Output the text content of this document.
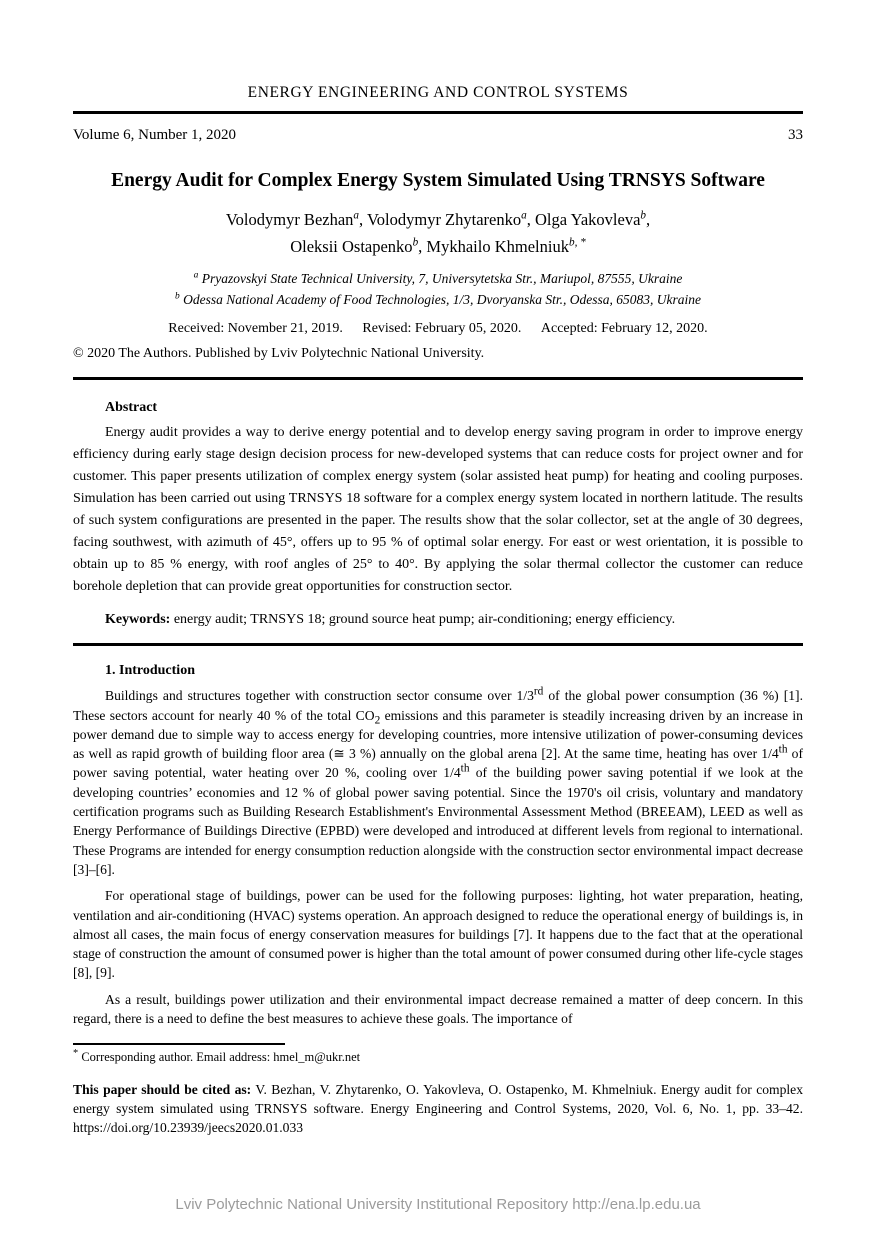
ENERGY ENGINEERING AND CONTROL SYSTEMS
Volume 6, Number 1, 2020	33
Energy Audit for Complex Energy System Simulated Using TRNSYS Software
Volodymyr Bezhan$^a$, Volodymyr Zhytarenko$^a$, Olga Yakovleva$^b$,
Oleksii Ostapenko$^b$, Mykhailo Khmelniuk$^{b, *}$
$^a$ Pryazovskyi State Technical University, 7, Universytetska Str., Mariupol, 87555, Ukraine
$^b$ Odessa National Academy of Food Technologies, 1/3, Dvoryanska Str., Odessa, 65083, Ukraine
Received: November 21, 2019. Revised: February 05, 2020. Accepted: February 12, 2020.
© 2020 The Authors. Published by Lviv Polytechnic National University.
Abstract

Energy audit provides a way to derive energy potential and to develop energy saving program in order to improve energy efficiency during early stage design decision process for new-developed systems that can reduce costs for project owner and for customer. This paper presents utilization of complex energy system (solar assisted heat pump) for heating and cooling purposes. Simulation has been carried out using TRNSYS 18 software for a complex energy system located in northern latitude. The results of such system configurations are presented in the paper. The results show that the solar collector, set at the angle of 30 degrees, facing southwest, with azimuth of 45°, offers up to 95 % of optimal solar energy. For east or west orientation, it is possible to obtain up to 85 % energy, with roof angles of 25° to 40°. By applying the solar thermal collector the customer can reduce borehole depletion that can provide great opportunities for construction sector.

Keywords: energy audit; TRNSYS 18; ground source heat pump; air-conditioning; energy efficiency.

1. Introduction

Buildings and structures together with construction sector consume over 1/3rd of the global power consumption (36 %) [1]. These sectors account for nearly 40 % of the total $CO_2$ emissions and this parameter is steadily increasing driven by an increase in power demand due to simple way to access energy for developing countries, more intensive utilization of power-consuming devices as well as rapid growth of building floor area (≅ 3 %) annually on the global arena [2]. At the same time, heating has over 1/4th of power saving potential, water heating over 20 %, cooling over 1/4th of the building power saving potential if we look at the developing countries’ economies and 12 % of global power saving potential. Since the 1970's oil crisis, voluntary and mandatory certification programs such as Building Research Establishment's Environmental Assessment Method (BREEAM), LEED as well as Energy Performance of Buildings Directive (EPBD) were developed and introduced at different levels from regional to international. These Programs are intended for energy consumption reduction alongside with the construction sector environmental impact decrease [3]–[6].

For operational stage of buildings, power can be used for the following purposes: lighting, hot water preparation, heating, ventilation and air-conditioning (HVAC) systems operation. An approach designed to reduce the operational energy of buildings is, in almost all cases, the main focus of energy conservation measures for buildings [7]. It happens due to the fact that at the operational stage of construction the amount of consumed power is higher than the total amount of power consumed during other life-cycle stages [8], [9].

As a result, buildings power utilization and their environmental impact decrease remained a matter of deep concern. In this regard, there is a need to define the best measures to achieve these goals. The importance of

* Corresponding author. Email address: hmel_m@ukr.net

This paper should be cited as: V. Bezhan, V. Zhytarenko, O. Yakovleva, O. Ostapenko, M. Khmelniuk. Energy audit for complex energy system simulated using TRNSYS software. Energy Engineering and Control Systems, 2020, Vol. 6, No. 1, pp. 33–42. https://doi.org/10.23939/jeecs2020.01.033

Lviv Polytechnic National University Institutional Repository http://ena.lp.edu.ua
